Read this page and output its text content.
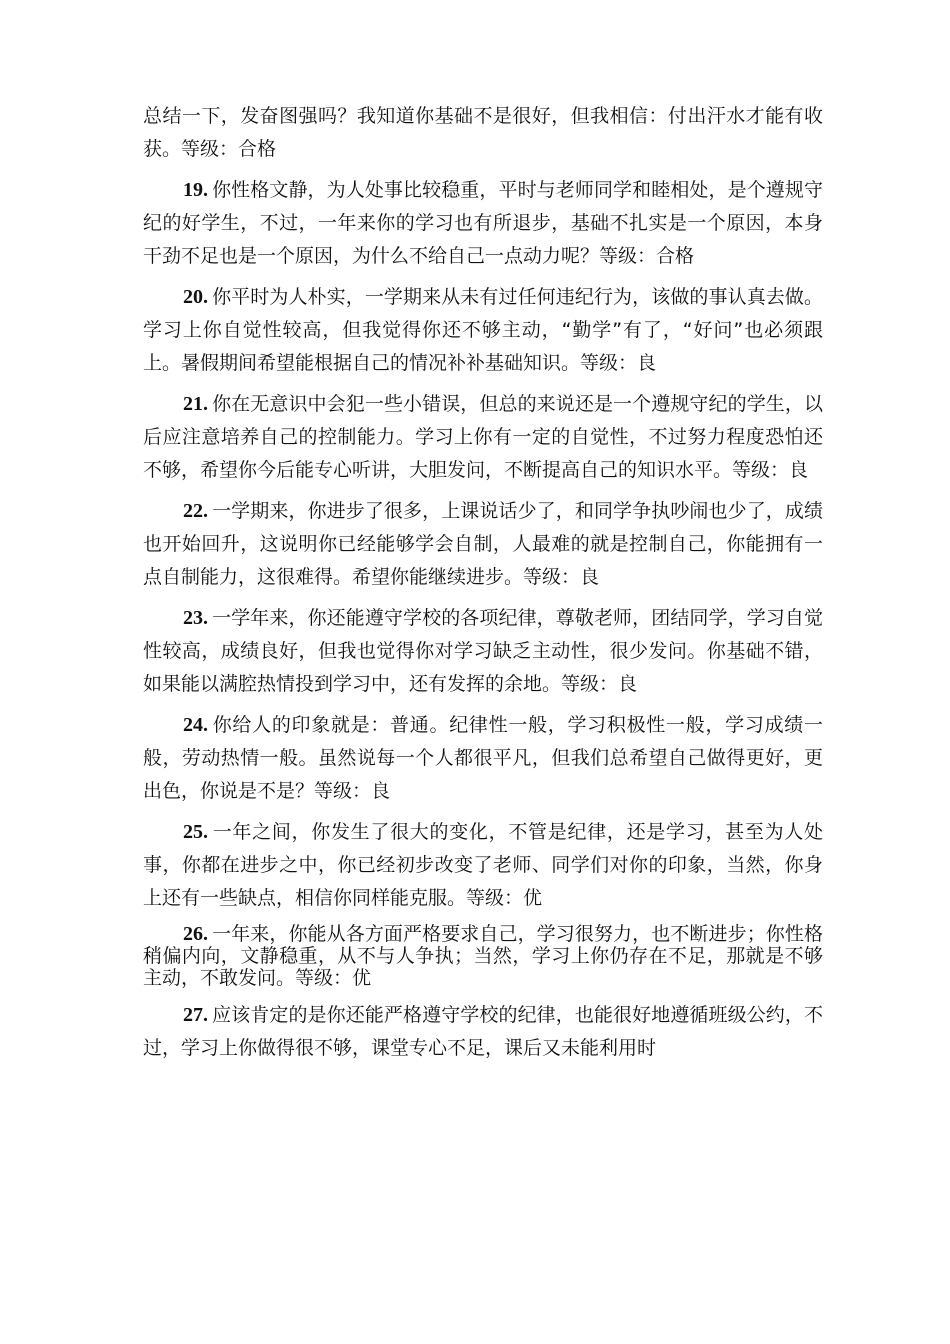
总结一下，发奋图强吗？我知道你基础不是很好，但我相信：付出汗水才能有收获。等级：合格

19. 你性格文静，为人处事比较稳重，平时与老师同学和睦相处，是个遵规守纪的好学生，不过，一年来你的学习也有所退步，基础不扎实是一个原因，本身干劲不足也是一个原因，为什么不给自己一点动力呢？等级：合格

20. 你平时为人朴实，一学期来从未有过任何违纪行为，该做的事认真去做。学习上你自觉性较高，但我觉得你还不够主动，“勤学”有了，“好问”也必须跟上。暑假期间希望能根据自己的情况补补基础知识。等级：良

21. 你在无意识中会犯一些小错误，但总的来说还是一个遵规守纪的学生，以后应注意培养自己的控制能力。学习上你有一定的自觉性，不过努力程度恐怕还不够，希望你今后能专心听讲，大胆发问，不断提高自己的知识水平。等级：良

22. 一学期来，你进步了很多，上课说话少了，和同学争执吵闹也少了，成绩也开始回升，这说明你已经能够学会自制，人最难的就是控制自己，你能拥有一点自制能力，这很难得。希望你能继续进步。等级：良

23. 一学年来，你还能遵守学校的各项纪律，尊敬老师，团结同学，学习自觉性较高，成绩良好，但我也觉得你对学习缺乏主动性，很少发问。你基础不错，如果能以满腔热情投到学习中，还有发挥的余地。等级：良

24. 你给人的印象就是：普通。纪律性一般，学习积极性一般，学习成绩一般，劳动热情一般。虽然说每一个人都很平凡，但我们总希望自己做得更好，更出色，你说是不是？等级：良

25. 一年之间，你发生了很大的变化，不管是纪律，还是学习，甚至为人处事，你都在进步之中，你已经初步改变了老师、同学们对你的印象，当然，你身上还有一些缺点，相信你同样能克服。等级：优

26. 一年来，你能从各方面严格要求自己，学习很努力，也不断进步；你性格稍偏内向，文静稳重，从不与人争执；当然，学习上你仍存在不足，那就是不够主动，不敢发问。等级：优

27. 应该肯定的是你还能严格遵守学校的纪律，也能很好地遵循班级公约，不过，学习上你做得很不够，课堂专心不足，课后又未能利用时
